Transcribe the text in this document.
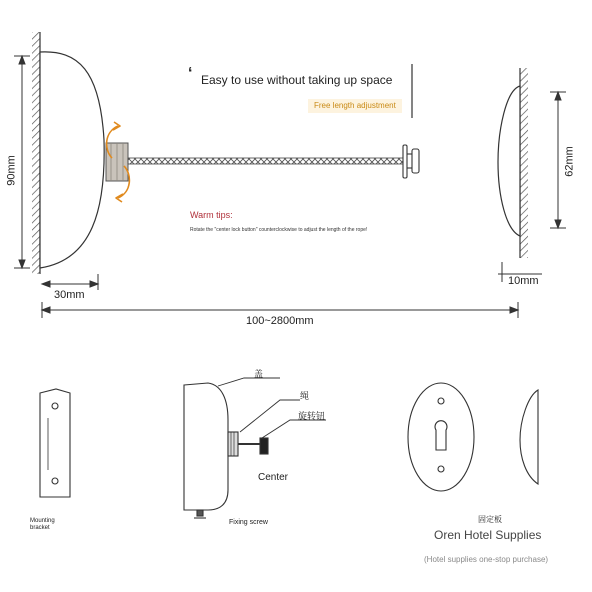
‘ Easy to use without taking up space
Free length adjustment
Warm tips:
Rotate the "center lock button" counterclockwise to adjust the length of the rope!
90mm
30mm
100~2800mm
62mm
10mm
Mounting bracket
Fixing screw
盖
绳
旋转钮
Center
固定板
Oren Hotel Supplies
(Hotel supplies one-stop purchase)
